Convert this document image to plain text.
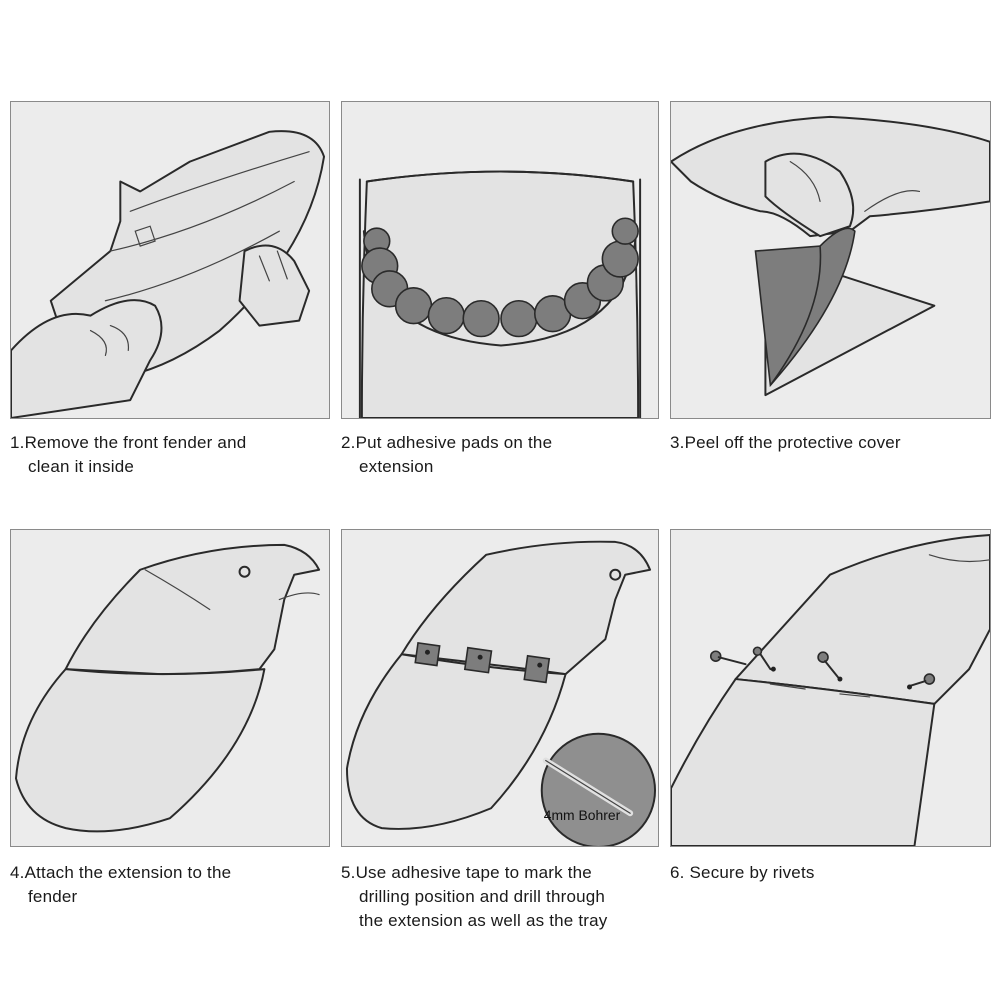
1.Remove the front fender and
clean it inside
2.Put adhesive pads on the
extension
3.Peel off the protective cover
4.Attach the extension to the
fender
4mm Bohrer
5.Use adhesive tape to mark the
drilling position and drill through
the extension as well as the tray
6. Secure by rivets
